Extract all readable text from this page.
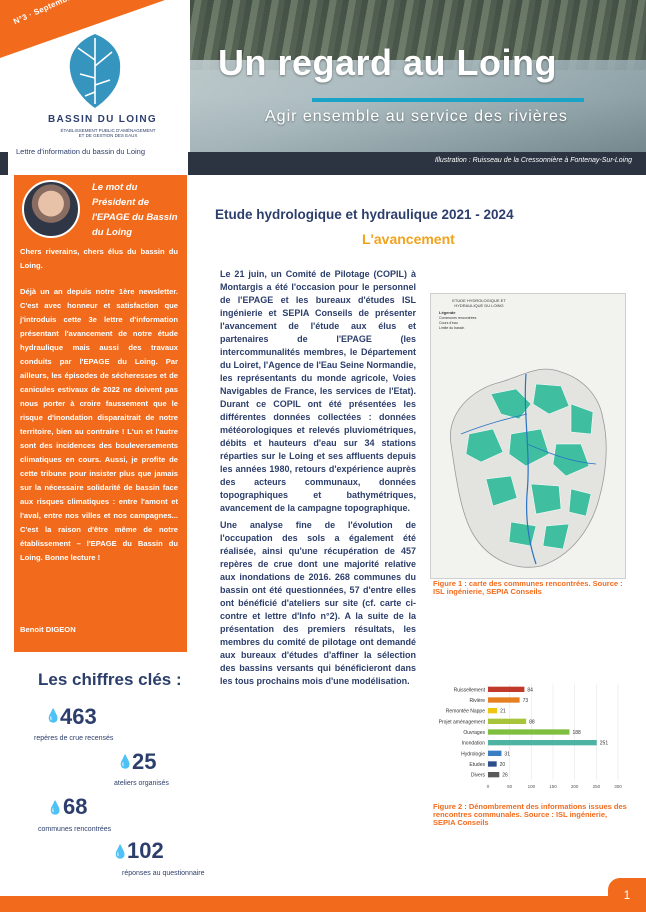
BASSIN DU LOING
ÉTABLISSEMENT PUBLIC D'AMÉNAGEMENT ET DE GESTION DES EAUX
Un regard au Loing
Agir ensemble au service des rivières
Illustration : Ruisseau de la Cressonnière à Fontenay-Sur-Loing
Lettre d'information du bassin du Loing
Le mot du Président de l'EPAGE du Bassin du Loing

Chers riverains, chers élus du bassin du Loing.

Déjà un an depuis notre 1ère newsletter. C'est avec honneur et satisfaction que j'introduis cette 3e lettre d'information présentant l'avancement de notre étude hydraulique mais aussi des travaux conduits par l'EPAGE du Loing. Par ailleurs, les épisodes de sécheresses et de canicules estivaux de 2022 ne doivent pas nous porter à croire faussement que le risque d'inondation disparaitrait de notre territoire, bien au contraire ! L'un et l'autre sont des incidences des bouleversements climatiques en cours. Aussi, je profite de cette tribune pour insister plus que jamais sur la nécessaire solidarité de bassin face aux risques climatiques : entre l'amont et l'aval, entre nos villes et nos campagnes... C'est la raison d'être même de notre établissement – l'EPAGE du Bassin du Loing. Bonne lecture !

Benoit DIGEON
Les chiffres clés :
💧
463
repères de crue recensés
💧
25
ateliers organisés
💧 68
communes rencontrées
💧
102
réponses au questionnaire
Etude hydrologique et hydraulique 2021 - 2024
L'avancement

Le 21 juin, un Comité de Pilotage (COPIL) à Montargis a été l'occasion pour le personnel de l'EPAGE et les bureaux d'études ISL ingénierie et SEPIA Conseils de présenter l'avancement de l'étude aux élus et partenaires de l'EPAGE (les intercommunalités membres, le Département du Loiret, l'Agence de l'Eau Seine Normandie, les représentants du monde agricole, Voies Navigables de France, les services de l'Etat). Durant ce COPIL ont été présentées les différentes données collectées : données météorologiques et relevés pluviométriques, débits et hauteurs d'eau sur 34 stations réparties sur le Loing et ses affluents depuis les années 1980, retours d'expérience auprès des acteurs communaux, données topographiques et bathymétriques, avancement de la campagne topographique.

Une analyse fine de l'évolution de l'occupation des sols a également été réalisée, ainsi qu'une récupération de 457 repères de crue dont une majorité relative aux inondations de 2016. 268 communes du bassin ont été questionnées, 57 d'entre elles ont bénéficié d'ateliers sur site (cf. carte ci-contre et lettre d'Info n°2). A la suite de la présentation des premiers résultats, les membres du comité de pilotage ont demandé aux bureaux d'études d'affiner la sélection des bassins versants qui bénéficieront dans les tous prochains mois d'une modélisation.

ETUDE HYDROLOGIQUE ET HYDRAULIQUE DU LOING
Légende
Communes rencontrées
Cours d'eau
Limite du bassin
Figure 1 : carte des communes rencontrées. Source : ISL ingénierie, SEPIA Conseils
Ruissellement	84
Rivière	73
Remontée Nappe	21
Projet aménagement	88
Ouvrages	188
Inondation	251
Hydrologie	31
Etudes	20
Divers	26
0	50	100	150	200	250	300
Figure 2 : Dénombrement des informations issues des rencontres communales. Source : ISL ingénierie, SEPIA Conseils
1
